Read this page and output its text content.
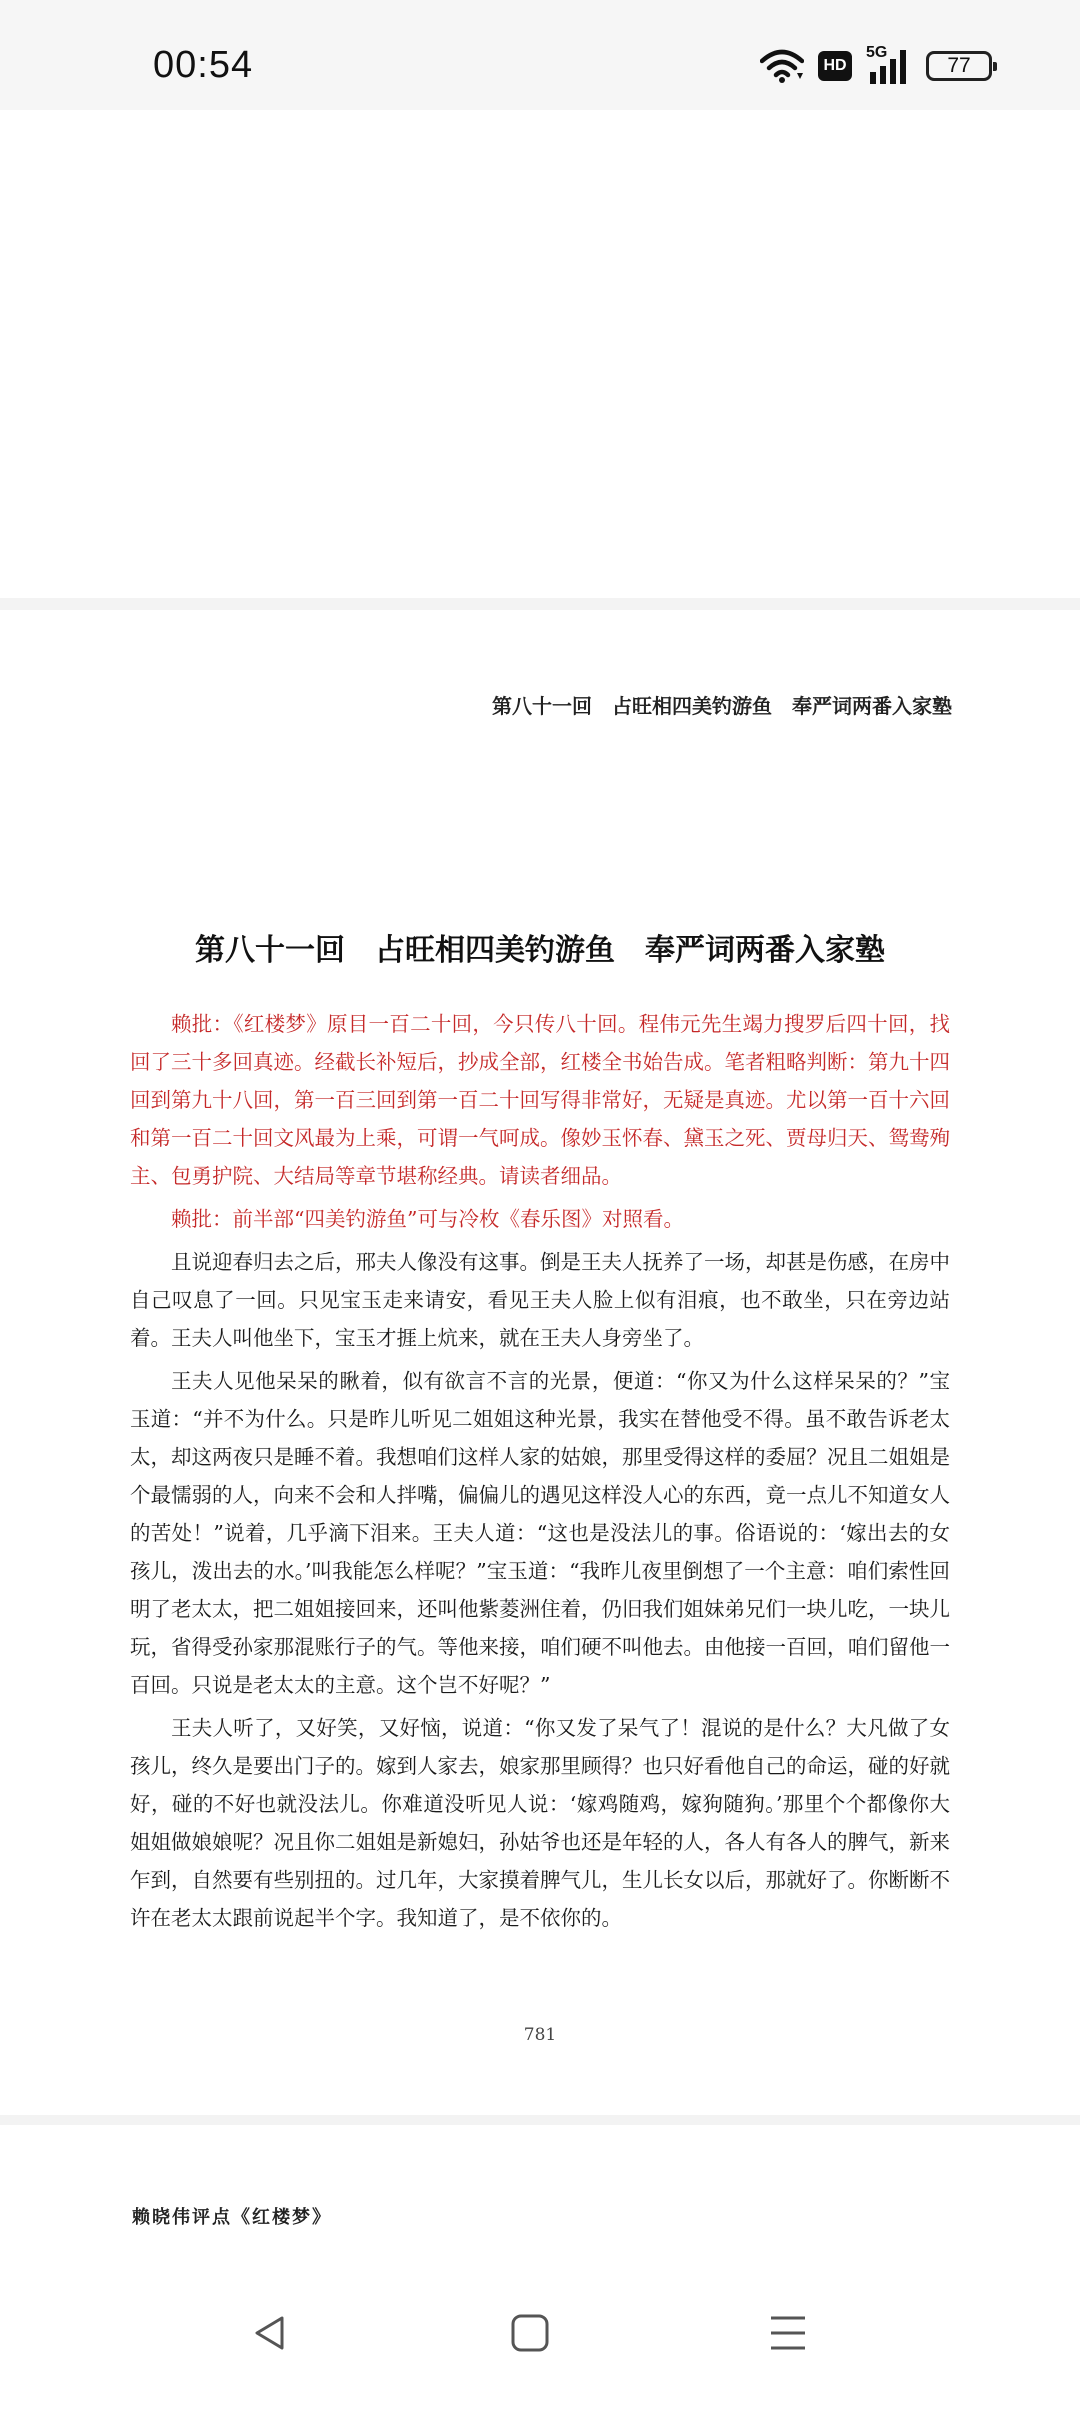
00:54	HD
5G
77
第八十一回　占旺相四美钓游鱼　奉严词两番入家塾
第八十一回　占旺相四美钓游鱼　奉严词两番入家塾

赖批：《红楼梦》原目一百二十回，今只传八十回。程伟元先生竭力搜罗后四十回，找回了三十多回真迹。经截长补短后，抄成全部，红楼全书始告成。笔者粗略判断：第九十四回到第九十八回，第一百三回到第一百二十回写得非常好，无疑是真迹。尤以第一百十六回和第一百二十回文风最为上乘，可谓一气呵成。像妙玉怀春、黛玉之死、贾母归天、鸳鸯殉主、包勇护院、大结局等章节堪称经典。请读者细品。

赖批：前半部“四美钓游鱼”可与冷枚《春乐图》对照看。

且说迎春归去之后，邢夫人像没有这事。倒是王夫人抚养了一场，却甚是伤感，在房中自己叹息了一回。只见宝玉走来请安，看见王夫人脸上似有泪痕，也不敢坐，只在旁边站着。王夫人叫他坐下，宝玉才捱上炕来，就在王夫人身旁坐了。

王夫人见他呆呆的瞅着，似有欲言不言的光景，便道：“你又为什么这样呆呆的？”宝玉道：“并不为什么。只是昨儿听见二姐姐这种光景，我实在替他受不得。虽不敢告诉老太太，却这两夜只是睡不着。我想咱们这样人家的姑娘，那里受得这样的委屈？况且二姐姐是个最懦弱的人，向来不会和人拌嘴，偏偏儿的遇见这样没人心的东西，竟一点儿不知道女人的苦处！”说着，几乎滴下泪来。王夫人道：“这也是没法儿的事。俗语说的：‘嫁出去的女孩儿，泼出去的水。’叫我能怎么样呢？”宝玉道：“我昨儿夜里倒想了一个主意：咱们索性回明了老太太，把二姐姐接回来，还叫他紫菱洲住着，仍旧我们姐妹弟兄们一块儿吃，一块儿玩，省得受孙家那混账行子的气。等他来接，咱们硬不叫他去。由他接一百回，咱们留他一百回。只说是老太太的主意。这个岂不好呢？”

王夫人听了，又好笑，又好恼，说道：“你又发了呆气了！混说的是什么？大凡做了女孩儿，终久是要出门子的。嫁到人家去，娘家那里顾得？也只好看他自己的命运，碰的好就好，碰的不好也就没法儿。你难道没听见人说：‘嫁鸡随鸡，嫁狗随狗。’那里个个都像你大姐姐做娘娘呢？况且你二姐姐是新媳妇，孙姑爷也还是年轻的人，各人有各人的脾气，新来乍到，自然要有些别扭的。过几年，大家摸着脾气儿，生儿长女以后，那就好了。你断断不许在老太太跟前说起半个字。我知道了，是不依你的。

781
赖晓伟评点《红楼梦》
